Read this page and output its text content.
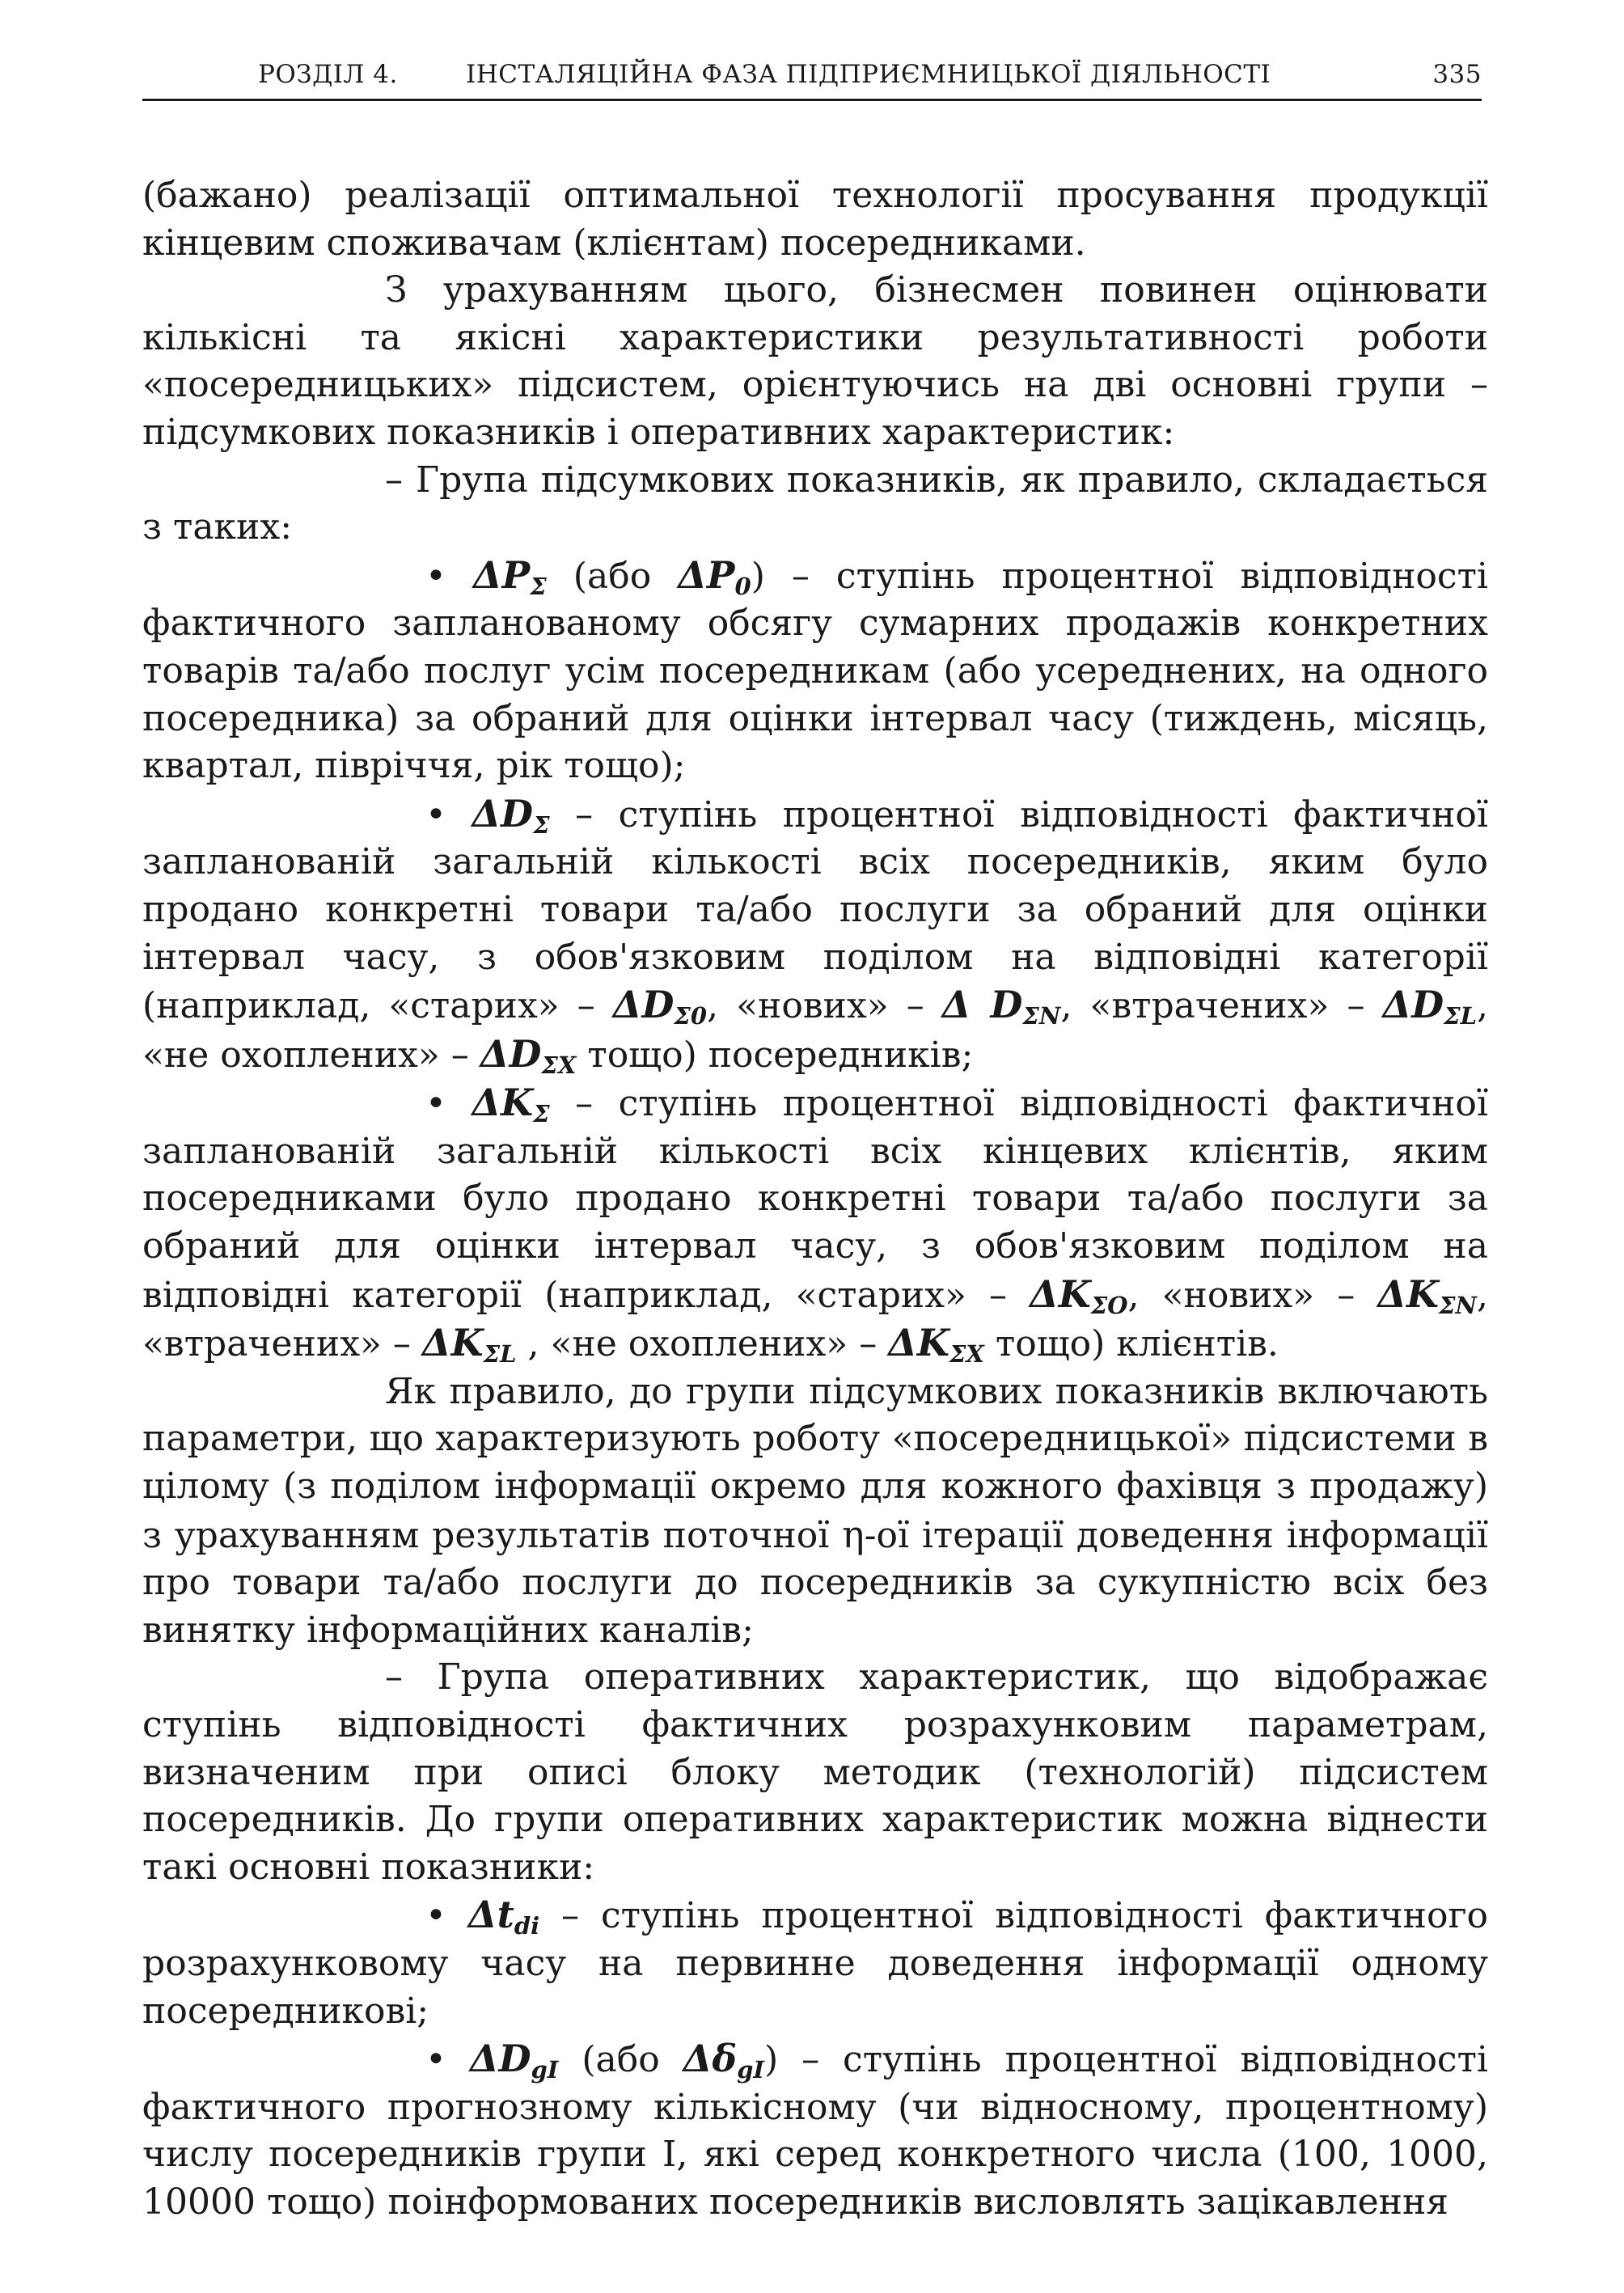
РОЗДІЛ 4.	ІНСТАЛЯЦІЙНА ФАЗА ПІДПРИЄМНИЦЬКОЇ ДІЯЛЬНОСТІ	335

(бажано) реалізації оптимальної технології просування продукції кінцевим споживачам (клієнтам) посередниками.

З урахуванням цього, бізнесмен повинен оцінювати кількісні та якісні характеристики результативності роботи «посередницьких» підсистем, орієнтуючись на дві основні групи – підсумкових показників і оперативних характеристик:

– Група підсумкових показників, як правило, складається з таких:

• $\Delta P_\Sigma$ (або $\Delta P_0$) – ступінь процентної відповідності фактичного запланованому обсягу сумарних продажів конкретних товарів та/або послуг усім посередникам (або усереднених, на одного посередника) за обраний для оцінки інтервал часу (тиждень, місяць, квартал, півріччя, рік тощо);

• $\Delta D_\Sigma$ – ступінь процентної відповідності фактичної запланованій загальній кількості всіх посередників, яким було продано конкретні товари та/або послуги за обраний для оцінки інтервал часу, з обов'язковим поділом на відповідні категорії (наприклад, «старих» – $\Delta D_{\Sigma 0}$, «нових» – Δ $D_{\Sigma N}$, «втрачених» – $\Delta D_{\Sigma L}$, «не охоплених» – $\Delta D_{\Sigma X}$ тощо) посередників;

• $\Delta K_\Sigma$ – ступінь процентної відповідності фактичної запланованій загальній кількості всіх кінцевих клієнтів, яким посередниками було продано конкретні товари та/або послуги за обраний для оцінки інтервал часу, з обов'язковим поділом на відповідні категорії (наприклад, «старих» – $\Delta K_{\Sigma O}$, «нових» – $\Delta K_{\Sigma N}$, «втрачених» – $\Delta K_{\Sigma L}$ , «не охоплених» – $\Delta K_{\Sigma X}$ тощо) клієнтів.

Як правило, до групи підсумкових показників включають параметри, що характеризують роботу «посередницької» підсистеми в цілому (з поділом інформації окремо для кожного фахівця з продажу) з урахуванням результатів поточної η-ої ітерації доведення інформації про товари та/або послуги до посередників за сукупністю всіх без винятку інформаційних каналів;

– Група оперативних характеристик, що відображає ступінь відповідності фактичних розрахунковим параметрам, визначеним при описі блоку методик (технологій) підсистем посередників. До групи оперативних характеристик можна віднести такі основні показники:

• $\Delta t_{di}$ – ступінь процентної відповідності фактичного розрахунковому часу на первинне доведення інформації одному посередникові;

• $\Delta D_{gI}$ (або $\Delta\delta_{gI}$) – ступінь процентної відповідності фактичного прогнозному кількісному (чи відносному, процентному) числу посередників групи І, які серед конкретного числа (100, 1000, 10000 тощо) поінформованих посередників висловлять зацікавлення
